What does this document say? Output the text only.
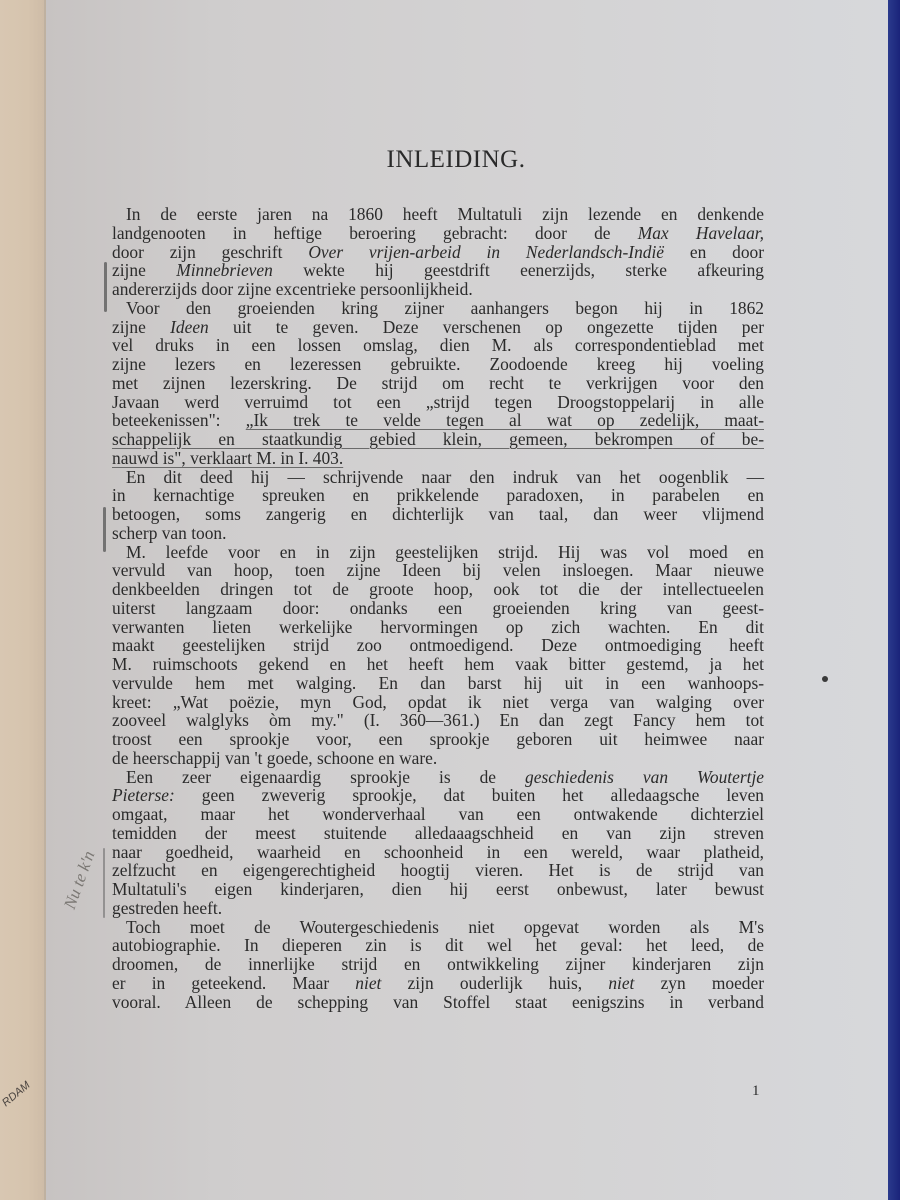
INLEIDING.
In de eerste jaren na 1860 heeft Multatuli zijn lezende en denkende
landgenooten in heftige beroering gebracht: door de Max Havelaar,
door zijn geschrift Over vrijen-arbeid in Nederlandsch-Indië en door
zijne Minnebrieven wekte hij geestdrift eenerzijds, sterke afkeuring
andererzijds door zijne excentrieke persoonlijkheid.
Voor den groeienden kring zijner aanhangers begon hij in 1862
zijne Ideen uit te geven. Deze verschenen op ongezette tijden per
vel druks in een lossen omslag, dien M. als correspondentieblad met
zijne lezers en lezeressen gebruikte. Zoodoende kreeg hij voeling
met zijnen lezerskring. De strijd om recht te verkrijgen voor den
Javaan werd verruimd tot een „strijd tegen Droogstoppelarij in alle
beteekenissen": „Ik trek te velde tegen al wat op zedelijk, maat-
schappelijk en staatkundig gebied klein, gemeen, bekrompen of be-
nauwd is", verklaart M. in I. 403.
En dit deed hij — schrijvende naar den indruk van het oogenblik —
in kernachtige spreuken en prikkelende paradoxen, in parabelen en
betoogen, soms zangerig en dichterlijk van taal, dan weer vlijmend
scherp van toon.
M. leefde voor en in zijn geestelijken strijd. Hij was vol moed en
vervuld van hoop, toen zijne Ideen bij velen insloegen. Maar nieuwe
denkbeelden dringen tot de groote hoop, ook tot die der intellectueelen
uiterst langzaam door: ondanks een groeienden kring van geest-
verwanten lieten werkelijke hervormingen op zich wachten. En dit
maakt geestelijken strijd zoo ontmoedigend. Deze ontmoediging heeft
M. ruimschoots gekend en het heeft hem vaak bitter gestemd, ja het
vervulde hem met walging. En dan barst hij uit in een wanhoops-
kreet: „Wat poëzie, myn God, opdat ik niet verga van walging over
zooveel walglyks òm my." (I. 360—361.) En dan zegt Fancy hem tot
troost een sprookje voor, een sprookje geboren uit heimwee naar
de heerschappij van 't goede, schoone en ware.
Een zeer eigenaardig sprookje is de geschiedenis van Woutertje
Pieterse: geen zweverig sprookje, dat buiten het alledaagsche leven
omgaat, maar het wonderverhaal van een ontwakende dichterziel
temidden der meest stuitende alledaaagschheid en van zijn streven
naar goedheid, waarheid en schoonheid in een wereld, waar platheid,
zelfzucht en eigengerechtigheid hoogtij vieren. Het is de strijd van
Multatuli's eigen kinderjaren, dien hij eerst onbewust, later bewust
gestreden heeft.
Toch moet de Woutergeschiedenis niet opgevat worden als M's
autobiographie. In dieperen zin is dit wel het geval: het leed, de
droomen, de innerlijke strijd en ontwikkeling zijner kinderjaren zijn
er in geteekend. Maar niet zijn ouderlijk huis, niet zyn moeder
vooral. Alleen de schepping van Stoffel staat eenigszins in verband
Nu te k'n
RDAM	1
